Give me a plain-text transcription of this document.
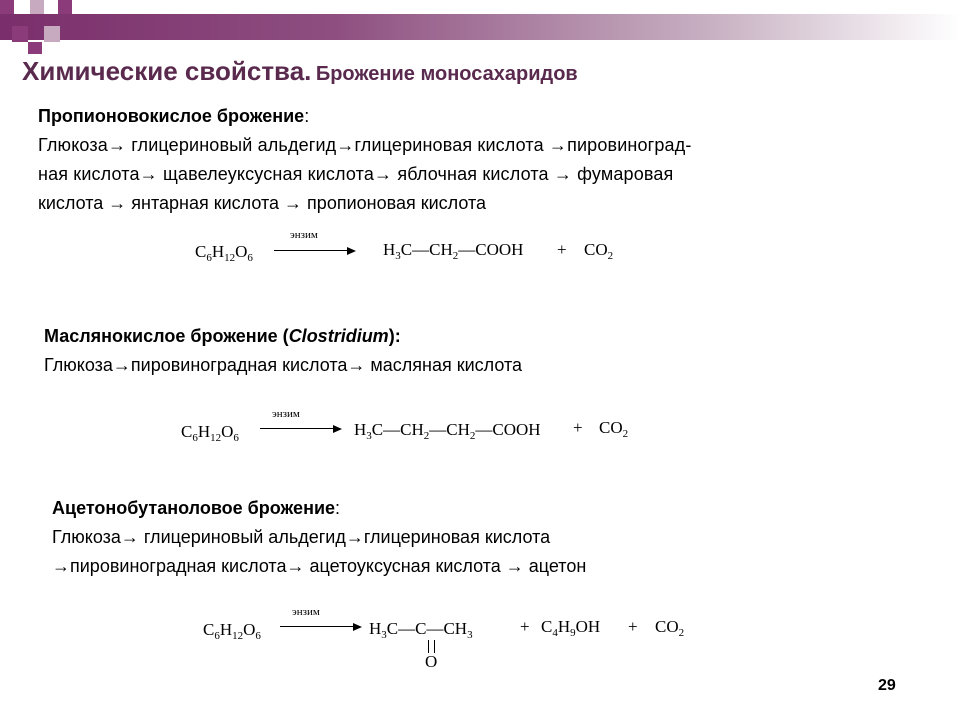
Химические свойства. Брожение моносахаридов
Пропионовокислое брожение:
Глюкоза→ глицериновый альдегид→глицериновая кислота →пировиноград-
ная кислота→ щавелеуксусная кислота→ яблочная кислота → фумаровая
кислота → янтарная кислота → пропионовая кислота
$C_6H_{12}O_6$
энзим
$H_3C—CH_2—COOH + CO_2$
Маслянокислое брожение (Clostridium):
Глюкоза→пировиноградная кислота→ масляная кислота
$C_6H_{12}O_6$
энзим
$H_3C—CH_2—CH_2—COOH + CO_2$
Ацетонобутаноловое брожение:
Глюкоза→ глицериновый альдегид→глицериновая кислота
→пировиноградная кислота→ ацетоуксусная кислота → ацетон
$C_6H_{12}O_6$
энзим
$H_3C—C—CH_3$
O
+ $C_4H_9OH + CO_2$
29
